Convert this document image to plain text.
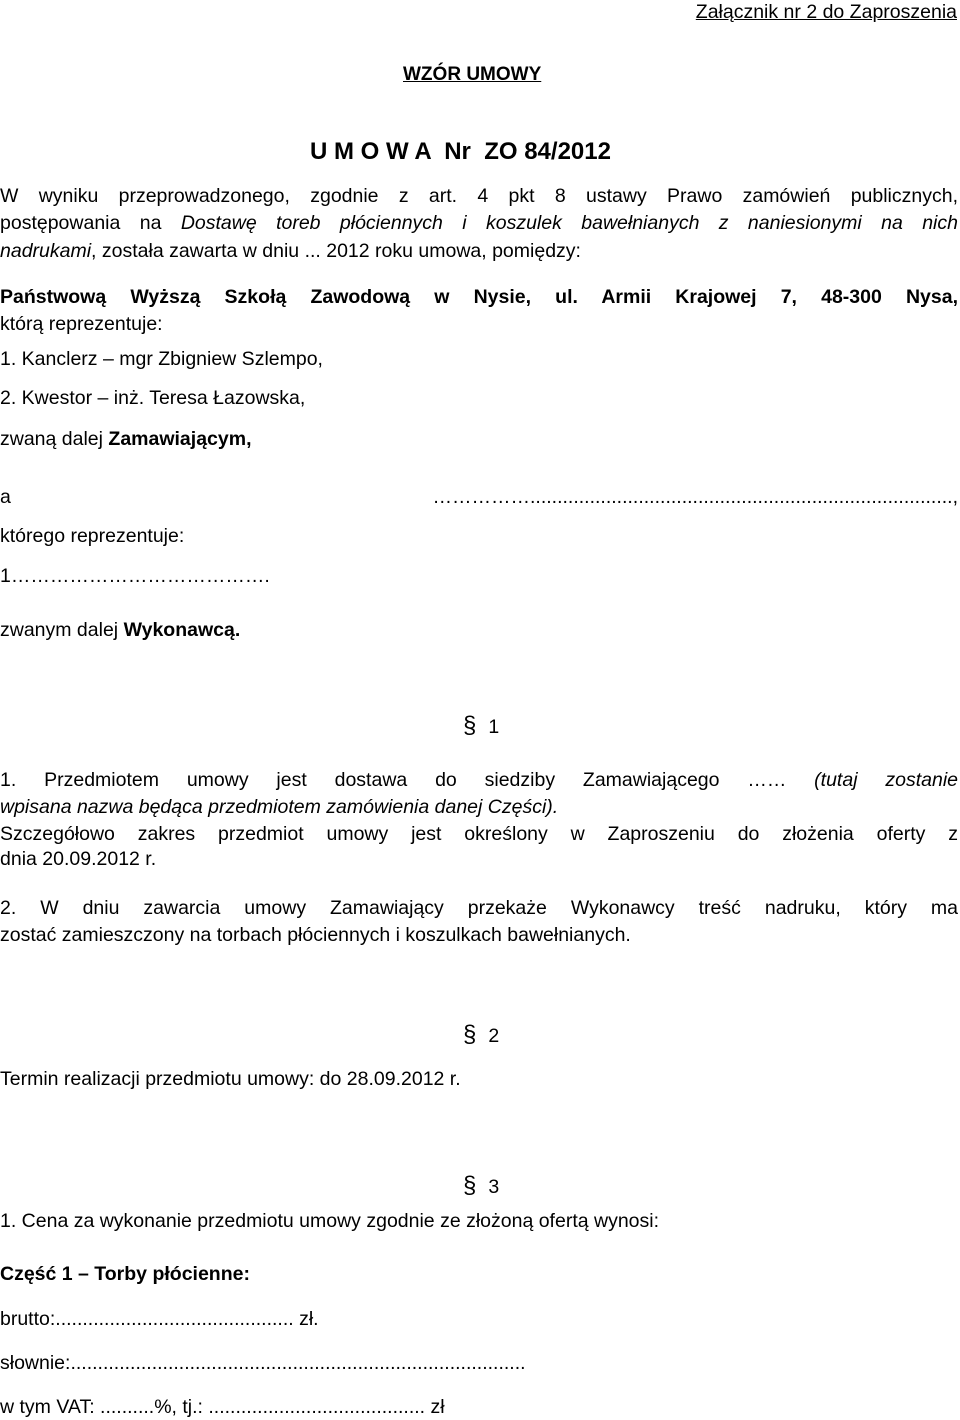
Załącznik nr 2 do Zaproszenia
WZÓR UMOWY
U M O W A  Nr  ZO 84/2012
W wyniku przeprowadzonego, zgodnie z art. 4 pkt 8 ustawy Prawo zamówień publicznych,
postępowania na Dostawę toreb płóciennych i koszulek bawełnianych z naniesionymi na nich
nadrukami, została zawarta w dniu ... 2012 roku umowa, pomiędzy:
Państwową Wyższą Szkołą Zawodową w Nysie, ul. Armii Krajowej 7, 48-300 Nysa,
którą reprezentuje:
1. Kanclerz – mgr Zbigniew Szlempo,
2. Kwestor – inż. Teresa Łazowska,
zwaną dalej Zamawiającym,
a ……………..............................................................................,
którego reprezentuje:
1………………………………….
zwanym dalej Wykonawcą.
§ 1
1. Przedmiotem umowy jest dostawa do siedziby Zamawiającego …… (tutaj zostanie
wpisana nazwa będąca przedmiotem zamówienia danej Części).
Szczegółowo zakres przedmiot umowy jest określony w Zaproszeniu do złożenia oferty z
dnia 20.09.2012 r.
2. W dniu zawarcia umowy Zamawiający przekaże Wykonawcy treść nadruku, który ma
zostać zamieszczony na torbach płóciennych i koszulkach bawełnianych.
§ 2
Termin realizacji przedmiotu umowy: do 28.09.2012 r.
§ 3
1. Cena za wykonanie przedmiotu umowy zgodnie ze złożoną ofertą wynosi:
Część 1 – Torby płócienne:
brutto:............................................ zł.
słownie:....................................................................................
w tym VAT: ..........%, tj.: ........................................ zł
